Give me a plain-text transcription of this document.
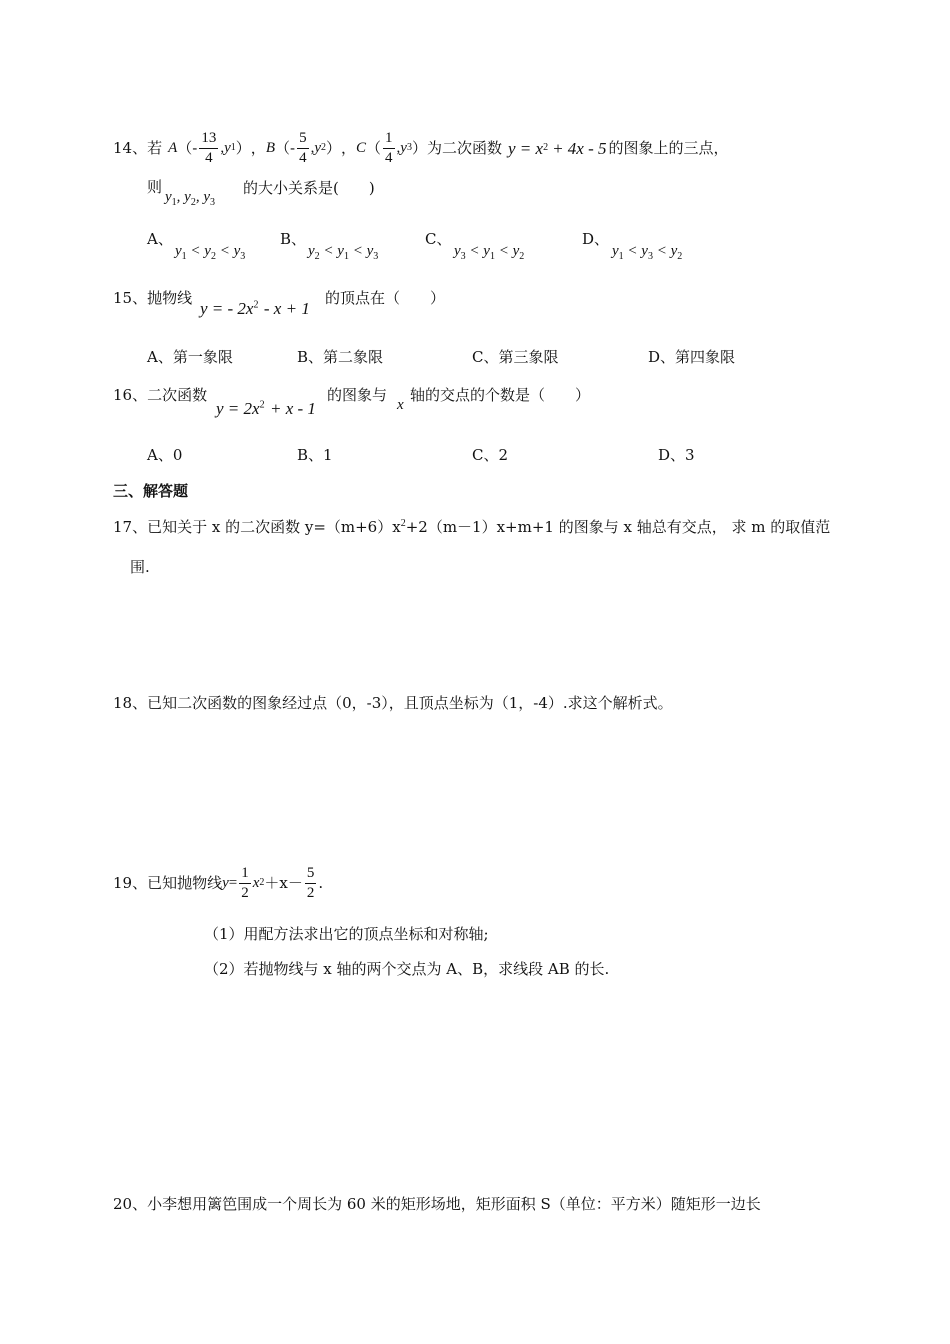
14、 若 A （- $\frac{13}{4}$ , y 1 ） ， B （- $\frac{5}{4}$ , y 2 ） ， C （ $\frac{1}{4}$ , y 3 ） 为二次函数 y = x 2 + 4x - 5 的图象上的三点，
则
$y_1$, $y_2$, $y_3$
的大小关系是(　　)
A、
$y_1 < y_2 < y_3$
B、
$y_2 < y_1 < y_3$
C、
$y_3 < y_1 < y_2$
D、
$y_1 < y_3 < y_2$
15、抛物线
y = - $2x^2 - x + 1$
的顶点在（　　）
A、第一象限	B、第二象限	C、第三象限	D、第四象限
16、二次函数
$y = 2x^2 + x - 1$
的图象与
x
轴的交点的个数是（　　）
A、0	B、1	C、2	D、3
三、解答题
17、已知关于 x 的二次函数 $y=(m+6)x^2+2(m-1)x+m+1$ 的图象与 x 轴总有交点， 求 m 的取值范
围.
18、已知二次函数的图象经过点（0，-3），且顶点坐标为（1，-4）.求这个解析式。
19、已知抛物线 $y = \frac{1}{2}$ x $2 +x- \frac{5}{2}$ .
（1）用配方法求出它的顶点坐标和对称轴;
（2）若抛物线与 x 轴的两个交点为 A、B，求线段 AB 的长.
20、小李想用篱笆围成一个周长为 60 米的矩形场地，矩形面积 S（单位：平方米）随矩形一边长
